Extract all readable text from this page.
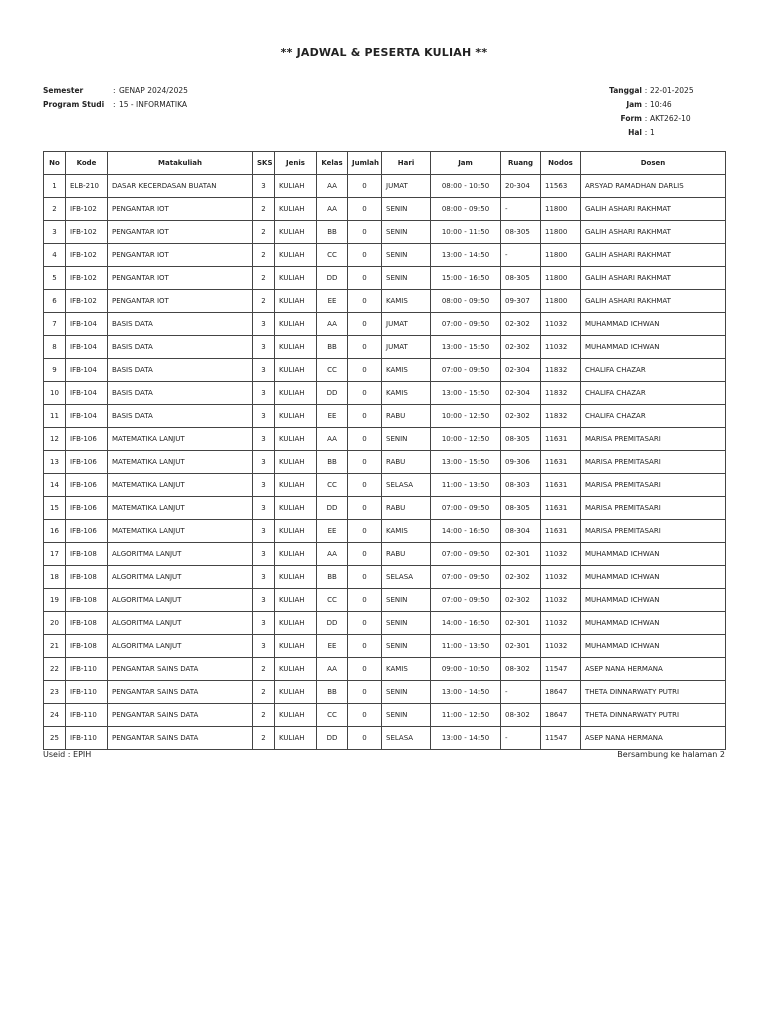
** JADWAL & PESERTA KULIAH **
Semester	: GENAP 2024/2025
Program Studi	: 15 - INFORMATIKA
Tanggal : 22-01-2025
Jam : 10:46
Form : AKT262-10
Hal : 1
No	Kode	Matakuliah	SKS	Jenis	Kelas	Jumlah	Hari	Jam	Ruang	Nodos	Dosen
1	ELB-210	DASAR KECERDASAN BUATAN	3	KULIAH	AA	0	JUMAT	08:00 - 10:50	20-304	11563	ARSYAD RAMADHAN DARLIS
2	IFB-102	PENGANTAR IOT	2	KULIAH	AA	0	SENIN	08:00 - 09:50	-	11800	GALIH ASHARI RAKHMAT
3	IFB-102	PENGANTAR IOT	2	KULIAH	BB	0	SENIN	10:00 - 11:50	08-305	11800	GALIH ASHARI RAKHMAT
4	IFB-102	PENGANTAR IOT	2	KULIAH	CC	0	SENIN	13:00 - 14:50	-	11800	GALIH ASHARI RAKHMAT
5	IFB-102	PENGANTAR IOT	2	KULIAH	DD	0	SENIN	15:00 - 16:50	08-305	11800	GALIH ASHARI RAKHMAT
6	IFB-102	PENGANTAR IOT	2	KULIAH	EE	0	KAMIS	08:00 - 09:50	09-307	11800	GALIH ASHARI RAKHMAT
7	IFB-104	BASIS DATA	3	KULIAH	AA	0	JUMAT	07:00 - 09:50	02-302	11032	MUHAMMAD ICHWAN
8	IFB-104	BASIS DATA	3	KULIAH	BB	0	JUMAT	13:00 - 15:50	02-302	11032	MUHAMMAD ICHWAN
9	IFB-104	BASIS DATA	3	KULIAH	CC	0	KAMIS	07:00 - 09:50	02-304	11832	CHALIFA CHAZAR
10	IFB-104	BASIS DATA	3	KULIAH	DD	0	KAMIS	13:00 - 15:50	02-304	11832	CHALIFA CHAZAR
11	IFB-104	BASIS DATA	3	KULIAH	EE	0	RABU	10:00 - 12:50	02-302	11832	CHALIFA CHAZAR
12	IFB-106	MATEMATIKA LANJUT	3	KULIAH	AA	0	SENIN	10:00 - 12:50	08-305	11631	MARISA PREMITASARI
13	IFB-106	MATEMATIKA LANJUT	3	KULIAH	BB	0	RABU	13:00 - 15:50	09-306	11631	MARISA PREMITASARI
14	IFB-106	MATEMATIKA LANJUT	3	KULIAH	CC	0	SELASA	11:00 - 13:50	08-303	11631	MARISA PREMITASARI
15	IFB-106	MATEMATIKA LANJUT	3	KULIAH	DD	0	RABU	07:00 - 09:50	08-305	11631	MARISA PREMITASARI
16	IFB-106	MATEMATIKA LANJUT	3	KULIAH	EE	0	KAMIS	14:00 - 16:50	08-304	11631	MARISA PREMITASARI
17	IFB-108	ALGORITMA LANJUT	3	KULIAH	AA	0	RABU	07:00 - 09:50	02-301	11032	MUHAMMAD ICHWAN
18	IFB-108	ALGORITMA LANJUT	3	KULIAH	BB	0	SELASA	07:00 - 09:50	02-302	11032	MUHAMMAD ICHWAN
19	IFB-108	ALGORITMA LANJUT	3	KULIAH	CC	0	SENIN	07:00 - 09:50	02-302	11032	MUHAMMAD ICHWAN
20	IFB-108	ALGORITMA LANJUT	3	KULIAH	DD	0	SENIN	14:00 - 16:50	02-301	11032	MUHAMMAD ICHWAN
21	IFB-108	ALGORITMA LANJUT	3	KULIAH	EE	0	SENIN	11:00 - 13:50	02-301	11032	MUHAMMAD ICHWAN
22	IFB-110	PENGANTAR SAINS DATA	2	KULIAH	AA	0	KAMIS	09:00 - 10:50	08-302	11547	ASEP NANA HERMANA
23	IFB-110	PENGANTAR SAINS DATA	2	KULIAH	BB	0	SENIN	13:00 - 14:50	-	18647	THETA DINNARWATY PUTRI
24	IFB-110	PENGANTAR SAINS DATA	2	KULIAH	CC	0	SENIN	11:00 - 12:50	08-302	18647	THETA DINNARWATY PUTRI
25	IFB-110	PENGANTAR SAINS DATA	2	KULIAH	DD	0	SELASA	13:00 - 14:50	-	11547	ASEP NANA HERMANA
Useid : EPIH	Bersambung ke halaman 2
